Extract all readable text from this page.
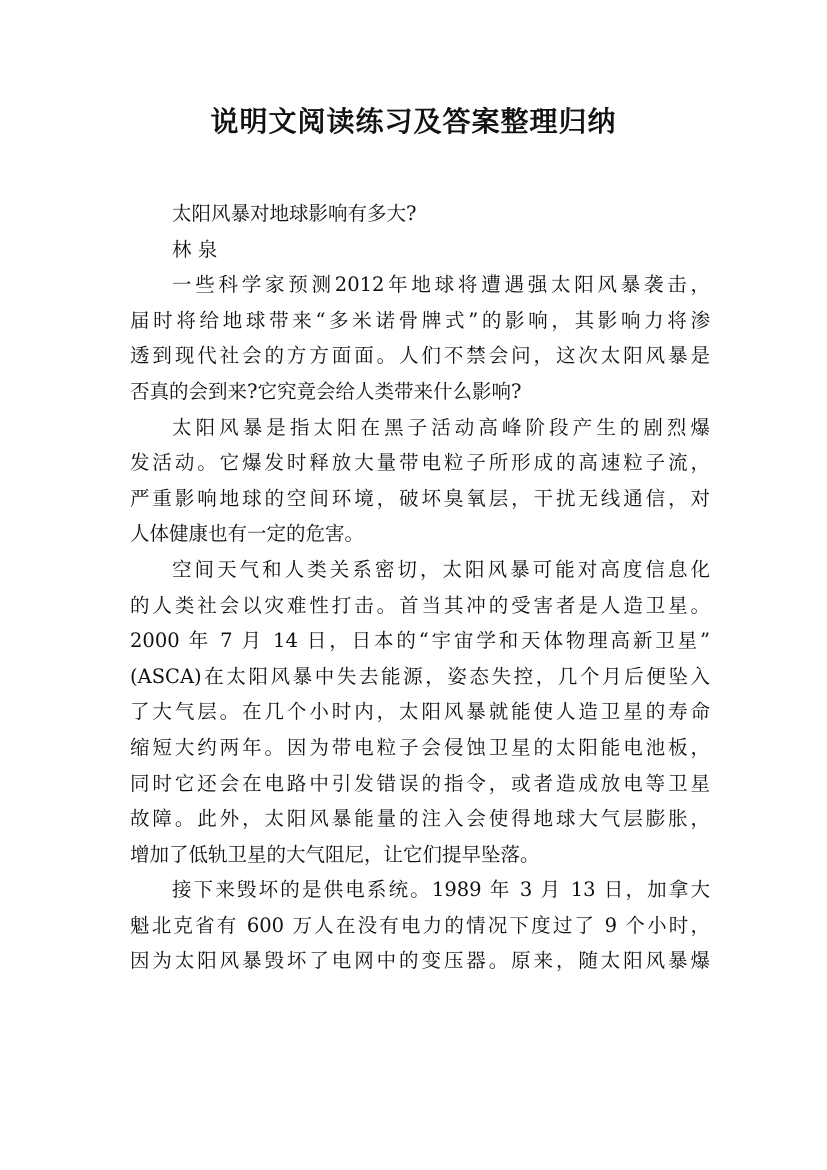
说明文阅读练习及答案整理归纳
太阳风暴对地球影响有多大?
林 泉
一些科学家预测2012年地球将遭遇强太阳风暴袭击，
届时将给地球带来“多米诺骨牌式”的影响，其影响力将渗
透到现代社会的方方面面。人们不禁会问，这次太阳风暴是
否真的会到来?它究竟会给人类带来什么影响?
太阳风暴是指太阳在黑子活动高峰阶段产生的剧烈爆
发活动。它爆发时释放大量带电粒子所形成的高速粒子流，
严重影响地球的空间环境，破坏臭氧层，干扰无线通信，对
人体健康也有一定的危害。
空间天气和人类关系密切，太阳风暴可能对高度信息化
的人类社会以灾难性打击。首当其冲的受害者是人造卫星。
2000 年 7 月 14 日，日本的“宇宙学和天体物理高新卫星”
(ASCA)在太阳风暴中失去能源，姿态失控，几个月后便坠入
了大气层。在几个小时内，太阳风暴就能使人造卫星的寿命
缩短大约两年。因为带电粒子会侵蚀卫星的太阳能电池板，
同时它还会在电路中引发错误的指令，或者造成放电等卫星
故障。此外，太阳风暴能量的注入会使得地球大气层膨胀，
增加了低轨卫星的大气阻尼，让它们提早坠落。
接下来毁坏的是供电系统。1989 年 3 月 13 日，加拿大
魁北克省有 600 万人在没有电力的情况下度过了 9 个小时，
因为太阳风暴毁坏了电网中的变压器。原来，随太阳风暴爆
